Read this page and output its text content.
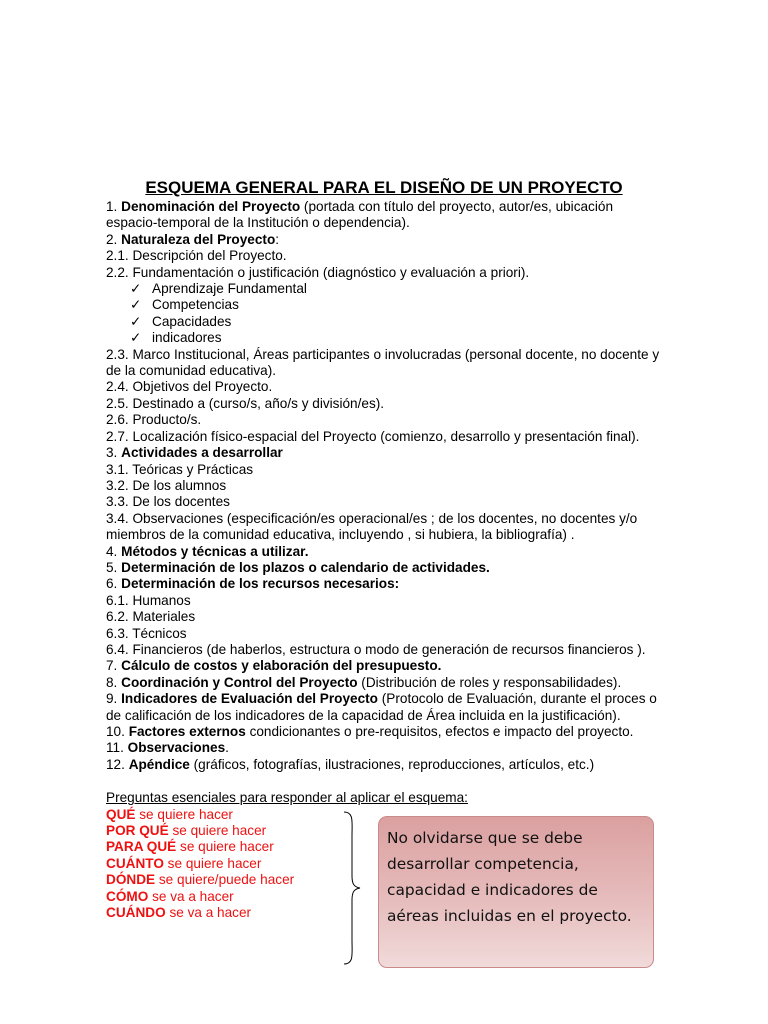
ESQUEMA GENERAL PARA EL DISEÑO DE UN PROYECTO
1. Denominación del Proyecto (portada con título del proyecto, autor/es, ubicación espacio-temporal de la Institución o dependencia).
2. Naturaleza del Proyecto:
2.1. Descripción del Proyecto.
2.2. Fundamentación o justificación (diagnóstico y evaluación a priori).
✓ Aprendizaje Fundamental
✓ Competencias
✓ Capacidades
✓ indicadores
2.3. Marco Institucional, Áreas participantes o involucradas (personal docente, no docente y de la comunidad educativa).
2.4. Objetivos del Proyecto.
2.5. Destinado a (curso/s, año/s y división/es).
2.6. Producto/s.
2.7. Localización físico-espacial del Proyecto (comienzo, desarrollo y presentación final).
3. Actividades a desarrollar
3.1. Teóricas y Prácticas
3.2. De los alumnos
3.3. De los docentes
3.4. Observaciones (especificación/es operacional/es ; de los docentes, no docentes y/o miembros de la comunidad educativa, incluyendo , si hubiera, la bibliografía) .
4. Métodos y técnicas a utilizar.
5. Determinación de los plazos o calendario de actividades.
6. Determinación de los recursos necesarios:
6.1. Humanos
6.2. Materiales
6.3. Técnicos
6.4. Financieros (de haberlos, estructura o modo de generación de recursos financieros ).
7. Cálculo de costos y elaboración del presupuesto.
8. Coordinación y Control del Proyecto (Distribución de roles y responsabilidades).
9. Indicadores de Evaluación del Proyecto (Protocolo de Evaluación, durante el proces o de calificación de los indicadores de la capacidad de Área incluida en la justificación).
10. Factores externos condicionantes o pre-requisitos, efectos e impacto del proyecto.
11. Observaciones.
12. Apéndice (gráficos, fotografías, ilustraciones, reproducciones, artículos, etc.)
Preguntas esenciales para responder al aplicar el esquema:
QUÉ se quiere hacer
POR QUÉ se quiere hacer
PARA QUÉ se quiere hacer
CUÁNTO se quiere hacer
DÓNDE se quiere/puede hacer
CÓMO se va a hacer
CUÁNDO se va a hacer
No olvidarse que se debe desarrollar competencia, capacidad e indicadores de aéreas incluidas en el proyecto.
